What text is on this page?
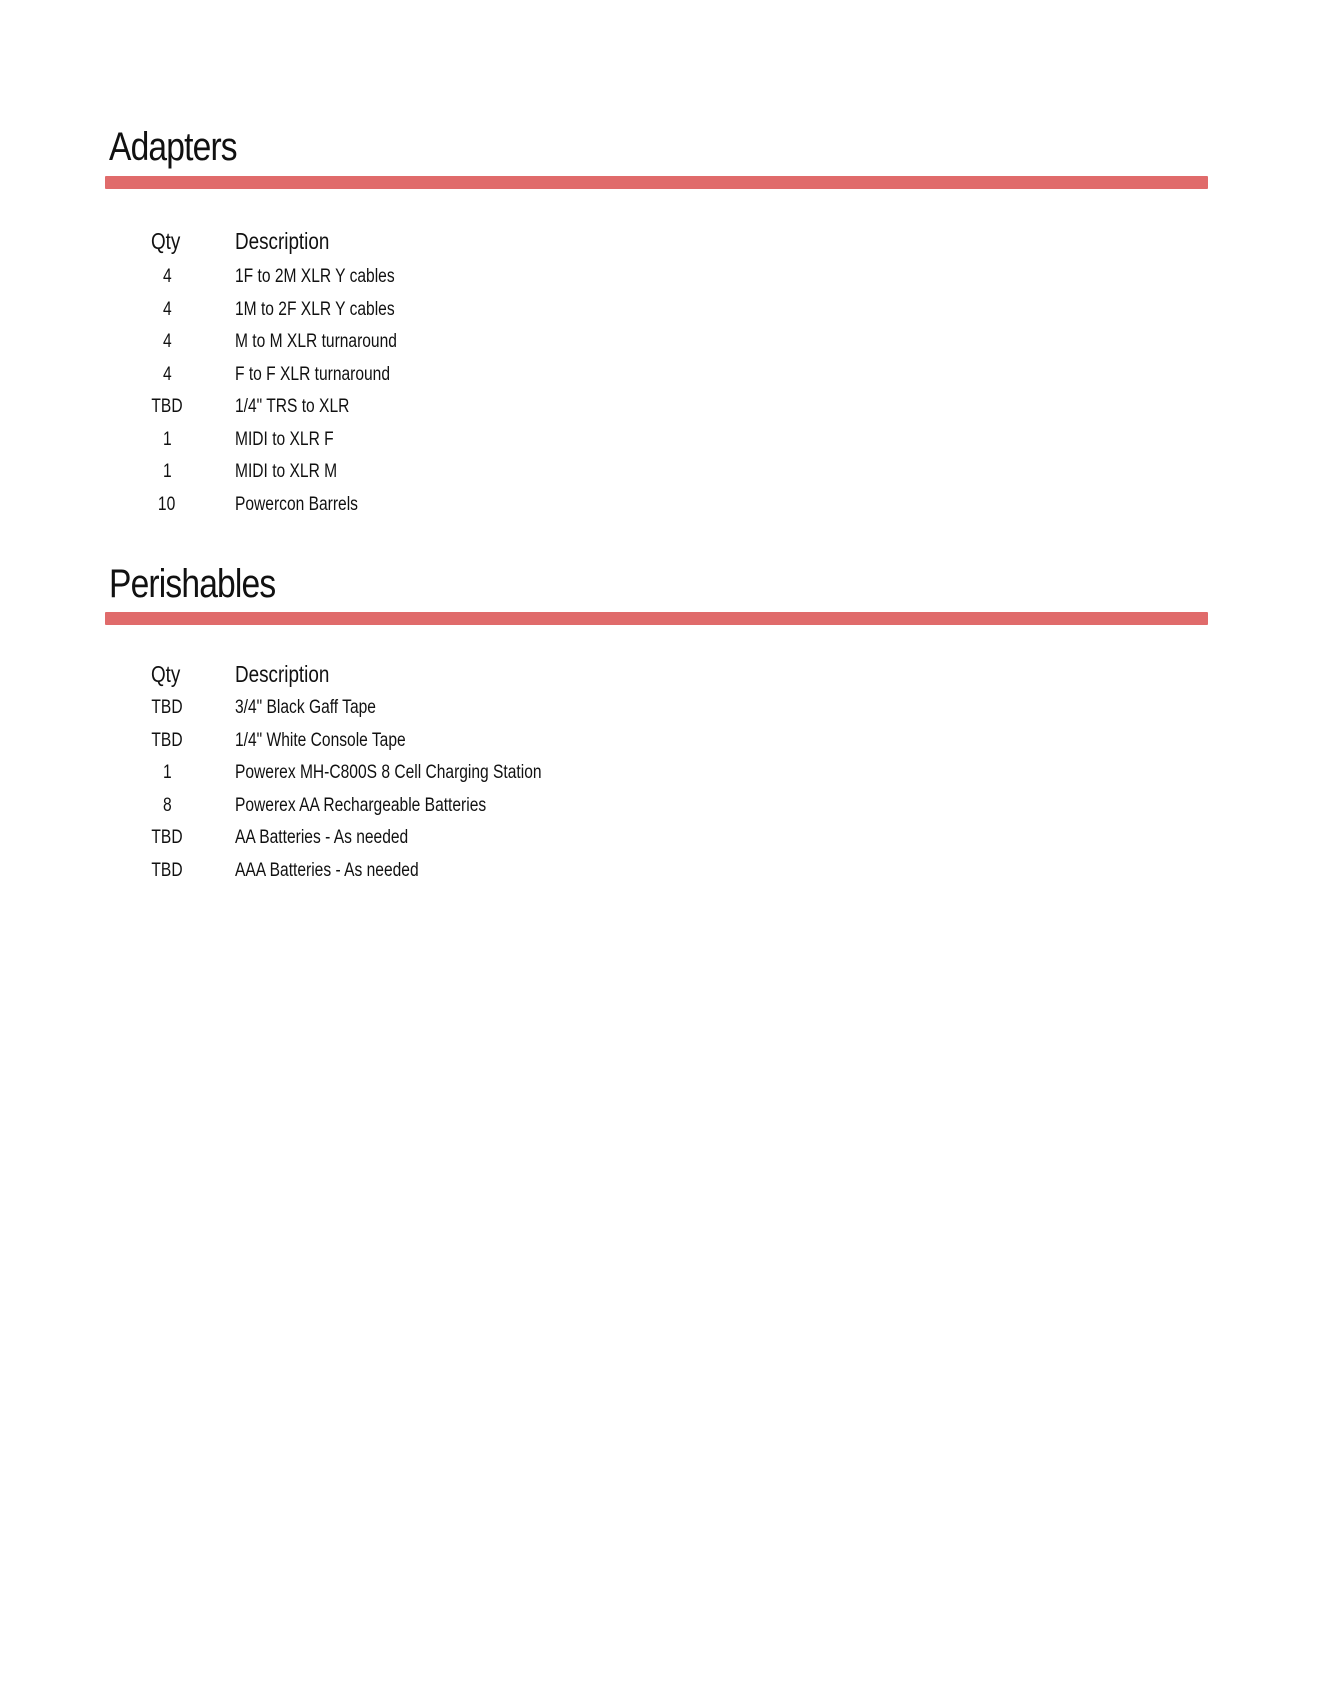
Adapters
Qty	Description
4	1F to 2M XLR Y cables
4	1M to 2F XLR Y cables
4	M to M XLR turnaround
4	F to F XLR turnaround
TBD	1/4" TRS to XLR
1	MIDI to XLR F
1	MIDI to XLR M
10	Powercon Barrels
Perishables
Qty	Description
TBD	3/4" Black Gaff Tape
TBD	1/4" White Console Tape
1	Powerex MH-C800S 8 Cell Charging Station
8	Powerex AA Rechargeable Batteries
TBD	AA Batteries - As needed
TBD	AAA Batteries - As needed
